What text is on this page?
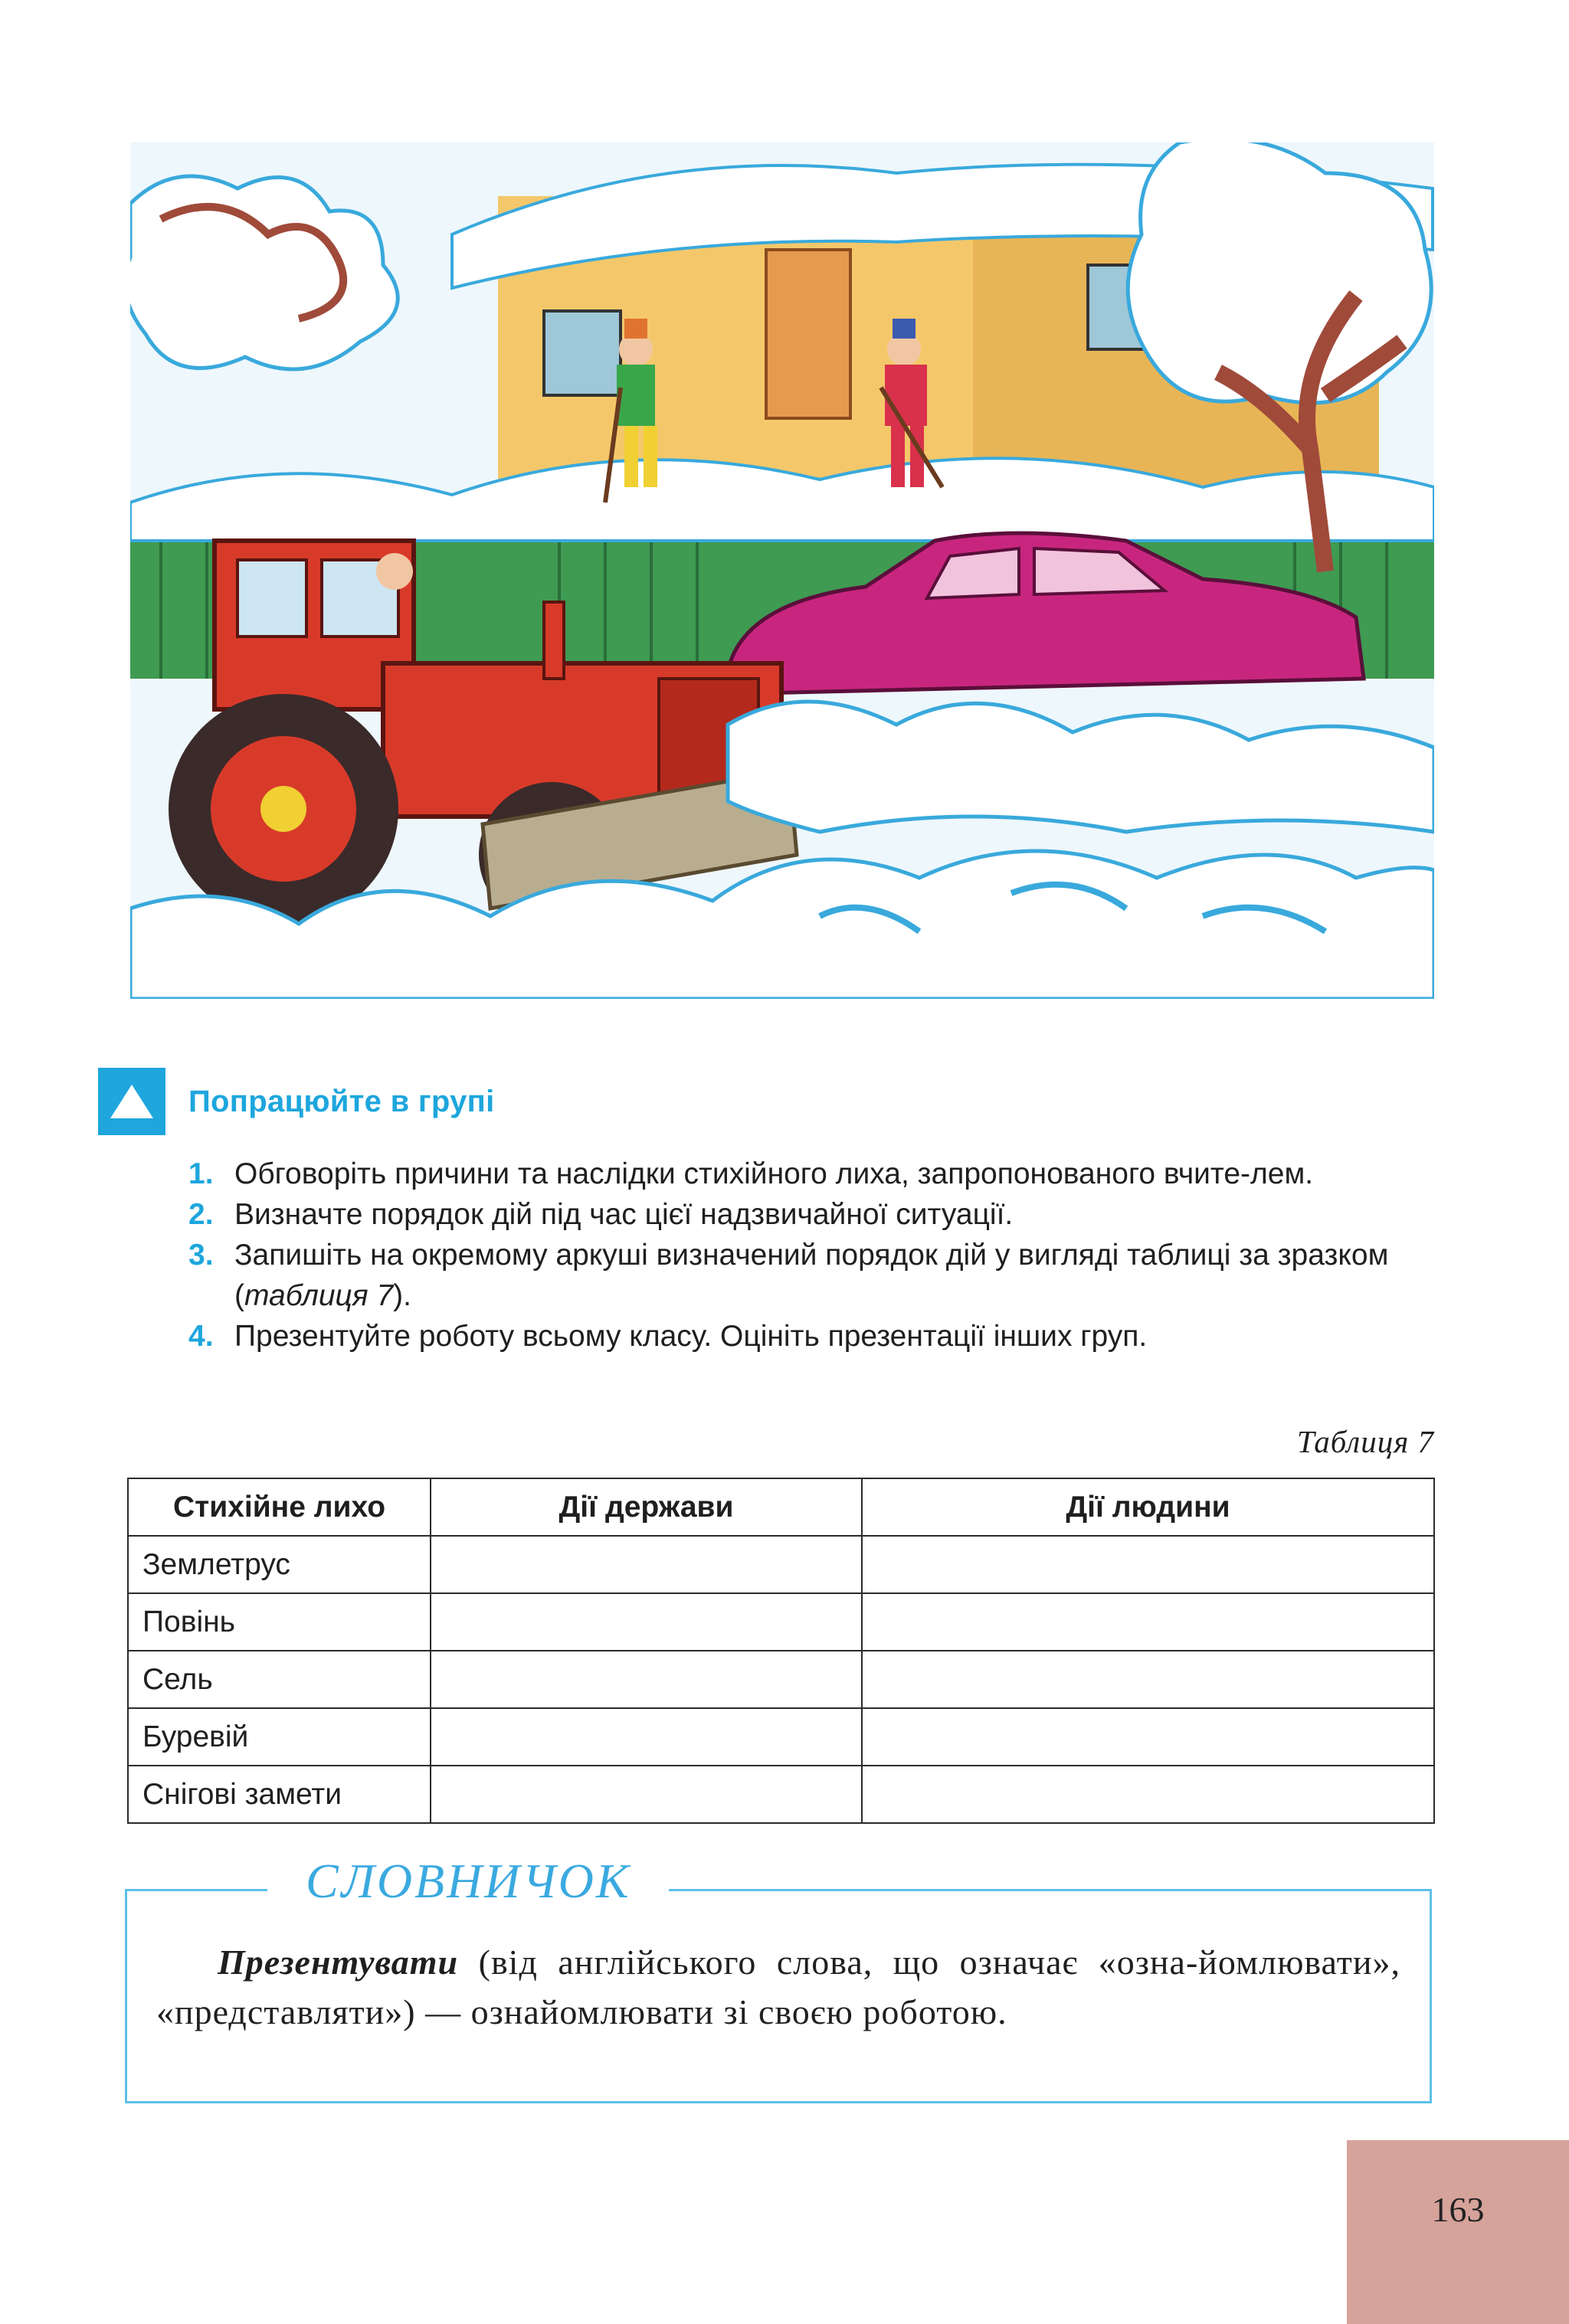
Попрацюйте в групі
1. Обговоріть причини та наслідки стихійного лиха, запропонованого вчите-лем.
2. Визначте порядок дій під час цієї надзвичайної ситуації.
3. Запишіть на окремому аркуші визначений порядок дій у вигляді таблиці за зразком (таблиця 7).
4. Презентуйте роботу всьому класу. Оцініть презентації інших груп.
Таблиця 7
Стихійне лихо	Дії держави	Дії людини
Землетрус		
Повінь		
Сель		
Буревій		
Снігові замети		
СЛОВНИЧОК

Презентувати (від англійського слова, що означає «озна-йомлювати», «представляти») — ознайомлювати зі своєю роботою.

163
